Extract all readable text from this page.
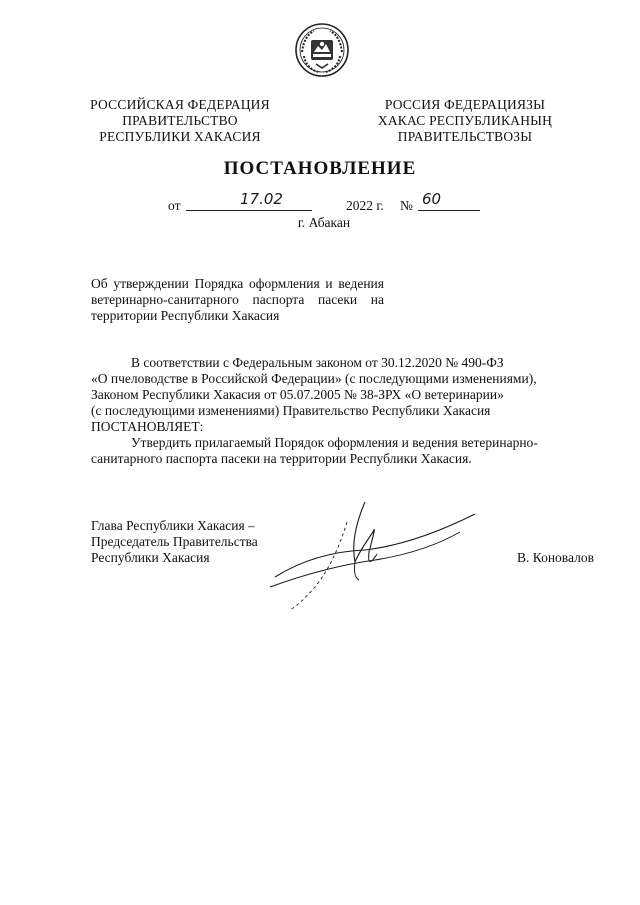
РОССИЙСКАЯ ФЕДЕРАЦИЯ
ПРАВИТЕЛЬСТВО
РЕСПУБЛИКИ ХАКАСИЯ
РОССИЯ ФЕДЕРАЦИЯЗЫ
ХАКАС РЕСПУБЛИКАНЫҢ
ПРАВИТЕЛЬСТВОЗЫ
ПОСТАНОВЛЕНИЕ
от	17.02	2022 г. № 60
г. Абакан
Об утверждении Порядка оформления и ведения ветеринарно-санитарного паспорта пасеки на территории Республики Хакасия

В соответствии с Федеральным законом от 30.12.2020 № 490-ФЗ

«О пчеловодстве в Российской Федерации» (с последующими изменениями),

Законом Республики Хакасия от 05.07.2005 № 38-ЗРХ «О ветеринарии»

(с последующими изменениями) Правительство Республики Хакасия

ПОСТАНОВЛЯЕТ:

Утвердить прилагаемый Порядок оформления и ведения ветеринарно-

санитарного паспорта пасеки на территории Республики Хакасия.

Глава Республики Хакасия –
Председатель Правительства
Республики Хакасия	В. Коновалов
